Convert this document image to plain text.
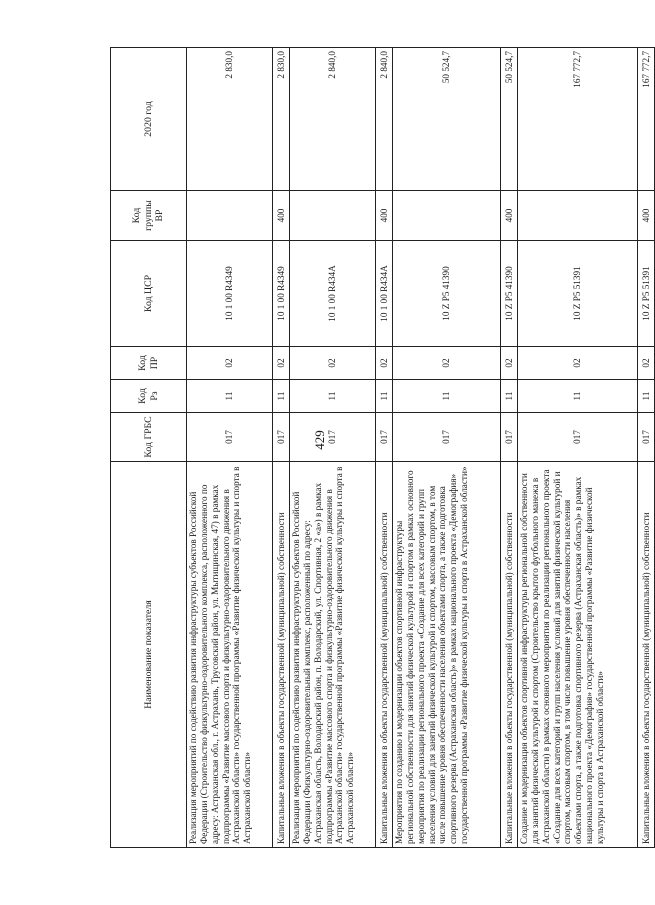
429
Наименование показателя	Код ГРБС	Код Рз	Код ПР	Код ЦСР	Код группы ВР	2020 год
Реализация мероприятий по содействию развития инфраструктуры субъектов Российской Федерации (Строительство физкультурно-оздоровительного комплекса, расположенного по адресу: Астраханская обл., г. Астрахань, Трусовский район, ул. Мытищинская, 47) в рамках подпрограммы «Развитие массового спорта и физкультурно-оздоровительного движения в Астраханской области» государственной программы «Развитие физической культуры и спорта в Астраханской области»	017	11	02	10 1 00 R4349		2 830,0
Капитальные вложения в объекты государственной (муниципальной) собственности	017	11	02	10 1 00 R4349	400	2 830,0
Реализация мероприятий по содействию развития инфраструктуры субъектов Российской Федерации (Физкультурно-оздоровительный комплекс, расположенный по адресу: Астраханская область, Володарский район, п. Володарский, ул. Спортивная, 2 «а») в рамках подпрограммы «Развитие массового спорта и физкультурно-оздоровительного движения в Астраханской области» государственной программы «Развитие физической культуры и спорта в Астраханской области»	017	11	02	10 1 00 R434A		2 840,0
Капитальные вложения в объекты государственной (муниципальной) собственности	017	11	02	10 1 00 R434A	400	2 840,0
Мероприятия по созданию и модернизации объектов спортивной инфраструктуры региональной собственности для занятий физической культурой и спортом в рамках основного мероприятия по реализации регионального проекта «Создание для всех категорий и групп населения условий для занятий физической культурой и спортом, массовым спортом, в том числе повышение уровня обеспеченности населения объектами спорта, а также подготовка спортивного резерва (Астраханская область)» в рамках национального проекта «Демография» государственной программы «Развитие физической культуры и спорта в Астраханской области»	017	11	02	10 Z P5 41390		50 524,7
Капитальные вложения в объекты государственной (муниципальной) собственности	017	11	02	10 Z P5 41390	400	50 524,7
Создание и модернизация объектов спортивной инфраструктуры региональной собственности для занятий физической культурой и спортом (Строительство крытого футбольного манежа в Астраханской области) в рамках основного мероприятия по реализации регионального проекта «Создание для всех категорий и групп населения условий для занятий физической культурой и спортом, массовым спортом, в том числе повышение уровня обеспеченности населения объектами спорта, а также подготовка спортивного резерва (Астраханская область)» в рамках национального проекта «Демография» государственной программы «Развитие физической культуры и спорта в Астраханской области»	017	11	02	10 Z P5 51391		167 772,7
Капитальные вложения в объекты государственной (муниципальной) собственности	017	11	02	10 Z P5 51391	400	167 772,7
